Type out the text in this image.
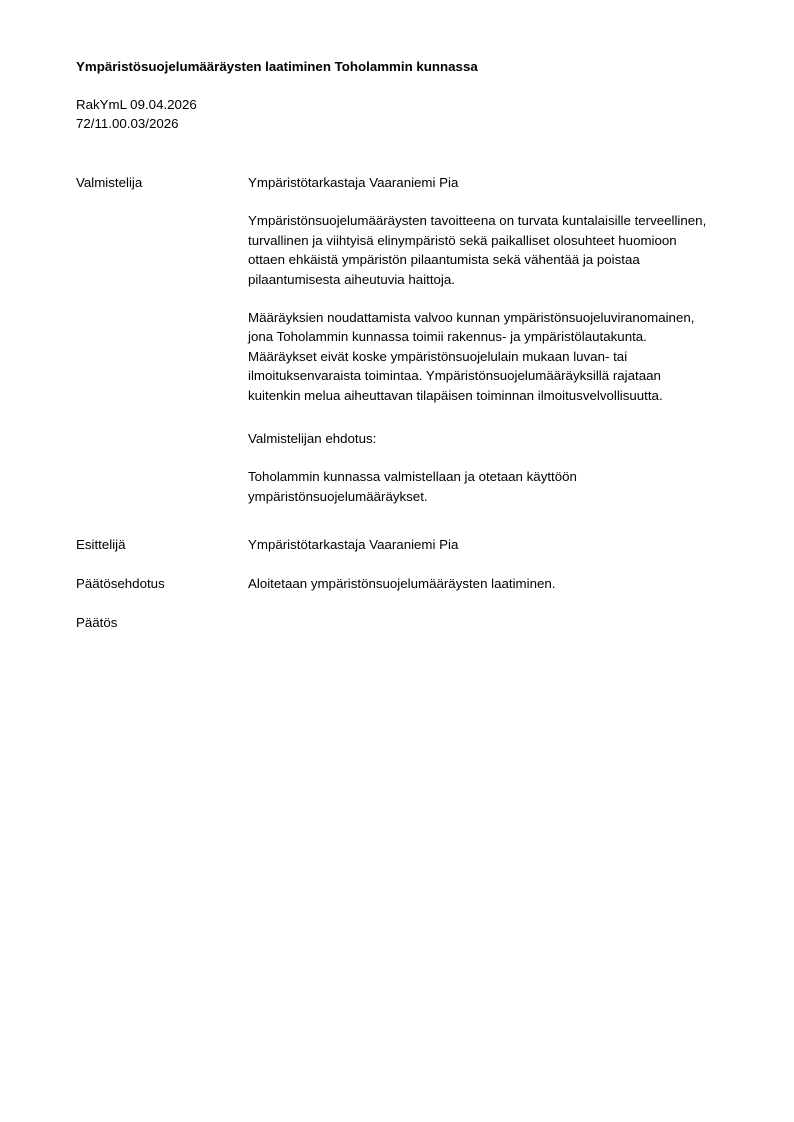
Ympäristösuojelumääräysten laatiminen Toholammin kunnassa
RakYmL 09.04.2026
72/11.00.03/2026
Valmistelija	Ympäristötarkastaja Vaaraniemi Pia
Ympäristönsuojelumääräysten tavoitteena on turvata kuntalaisille terveellinen,
turvallinen ja viihtyisä elinympäristö sekä paikalliset olosuhteet huomioon
ottaen ehkäistä ympäristön pilaantumista sekä vähentää ja poistaa
pilaantumisesta aiheutuvia haittoja.
Määräyksien noudattamista valvoo kunnan ympäristönsuojeluviranomainen,
jona Toholammin kunnassa toimii rakennus- ja ympäristölautakunta.
Määräykset eivät koske ympäristönsuojelulain mukaan luvan- tai
ilmoituksenvaraista toimintaa. Ympäristönsuojelumääräyksillä rajataan
kuitenkin melua aiheuttavan tilapäisen toiminnan ilmoitusvelvollisuutta.
Valmistelijan ehdotus:
Toholammin kunnassa valmistellaan ja otetaan käyttöön
ympäristönsuojelumääräykset.
Esittelijä	Ympäristötarkastaja Vaaraniemi Pia
Päätösehdotus	Aloitetaan ympäristönsuojelumääräysten laatiminen.
Päätös
